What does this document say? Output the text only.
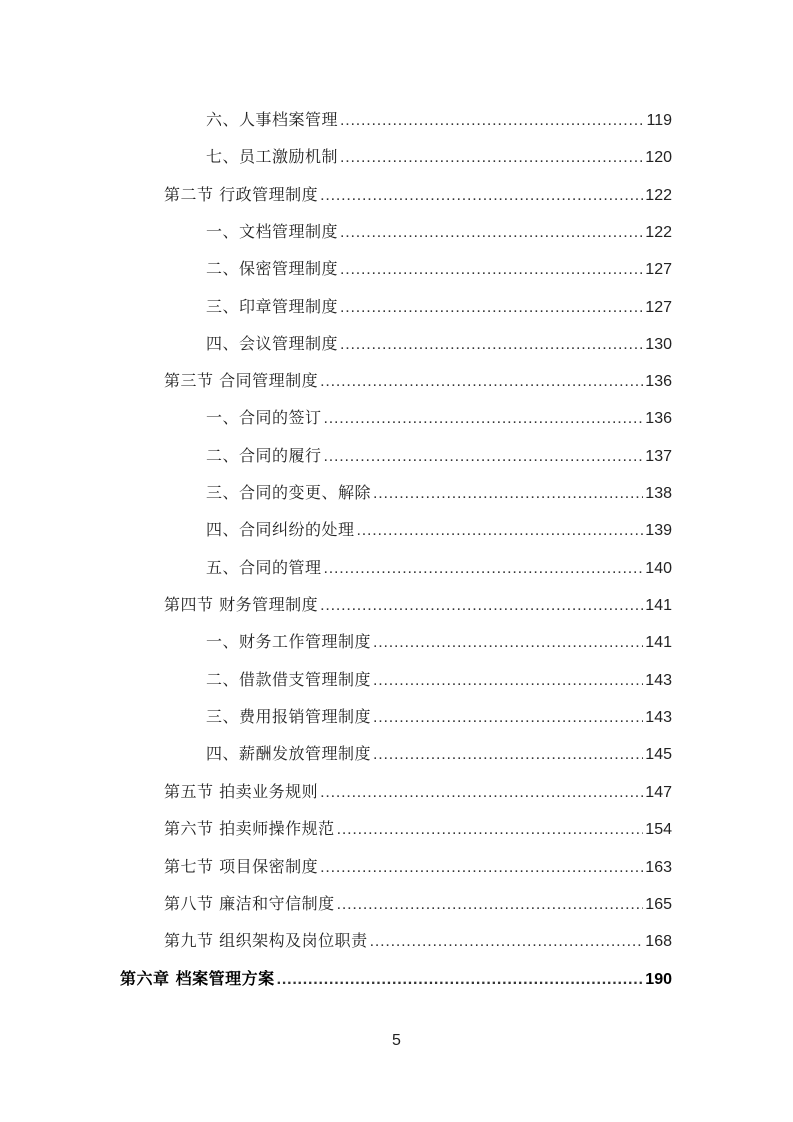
六、人事档案管理 .....	119
七、员工激励机制 .....	120
第二节 行政管理制度 .....	122
一、文档管理制度 .....	122
二、保密管理制度 .....	127
三、印章管理制度 .....	127
四、会议管理制度 .....	130
第三节 合同管理制度 .....	136
一、合同的签订 .....	136
二、合同的履行 .....	137
三、合同的变更、解除 .....	138
四、合同纠纷的处理 .....	139
五、合同的管理 .....	140
第四节 财务管理制度 .....	141
一、财务工作管理制度 .....	141
二、借款借支管理制度 .....	143
三、费用报销管理制度 .....	143
四、薪酬发放管理制度 .....	145
第五节 拍卖业务规则 .....	147
第六节 拍卖师操作规范 .....	154
第七节 项目保密制度 .....	163
第八节 廉洁和守信制度 .....	165
第九节 组织架构及岗位职责 .....	168
第六章 档案管理方案 .....	190
5
